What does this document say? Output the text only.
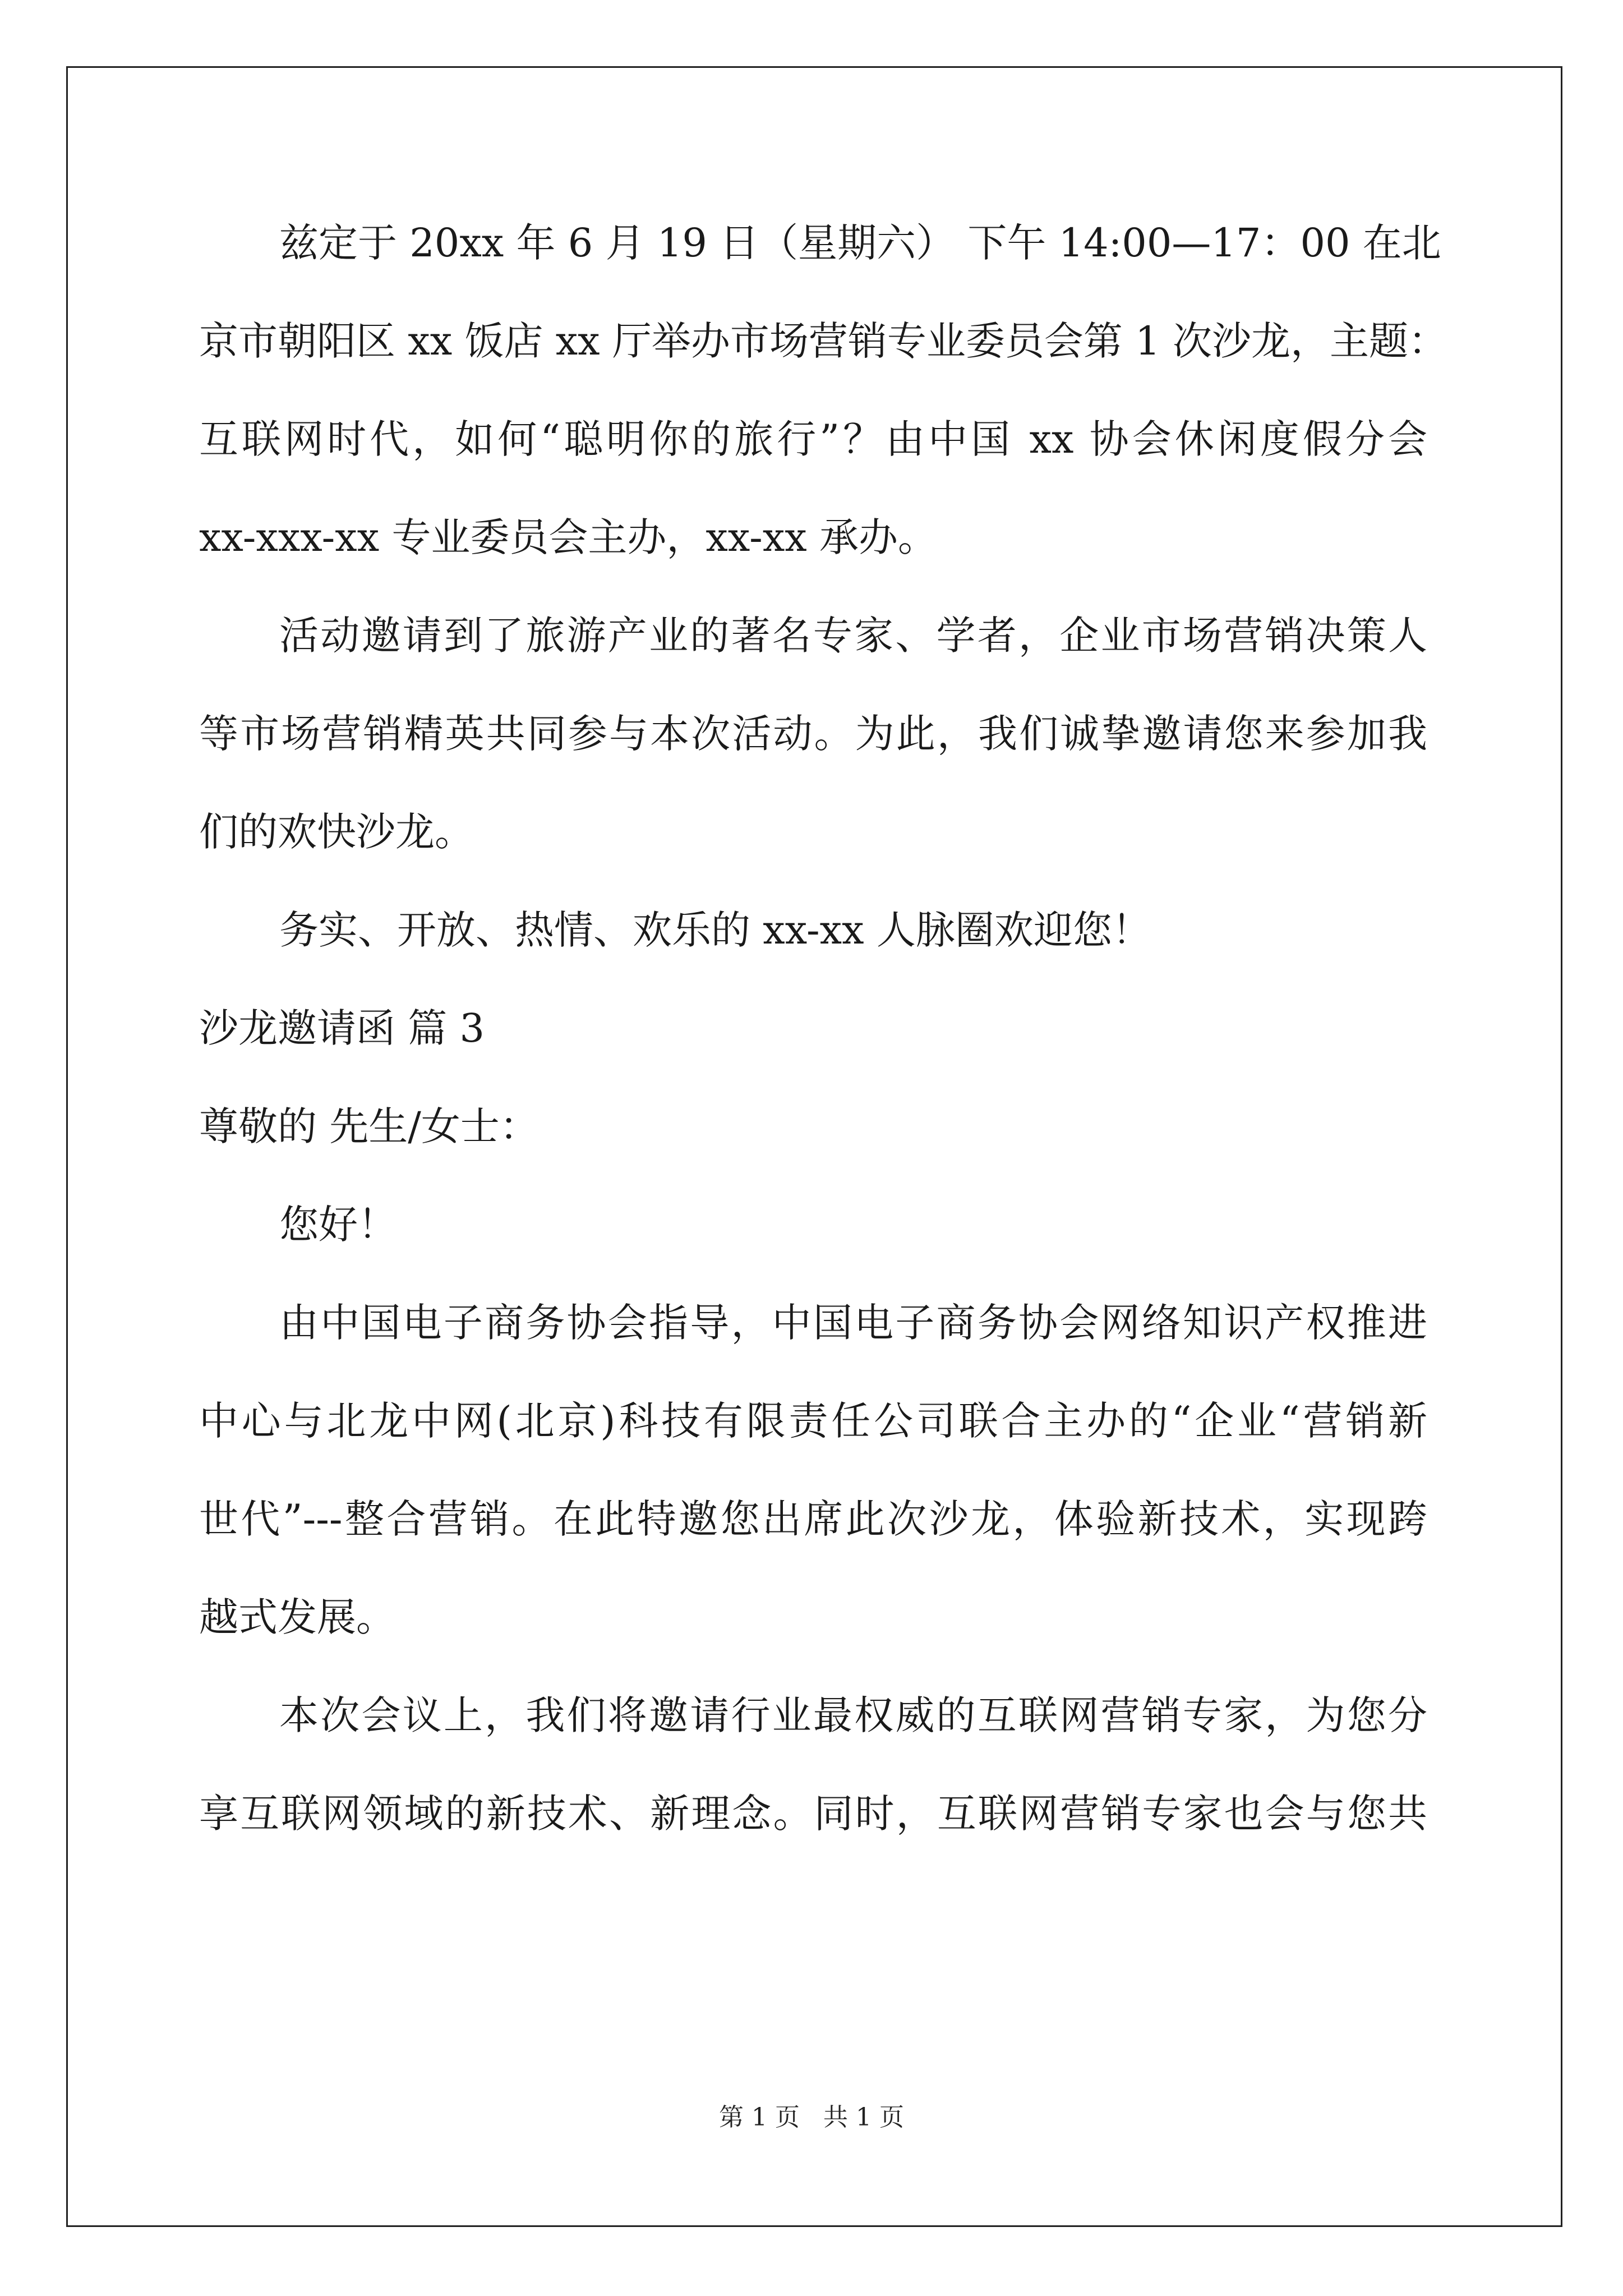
兹定于 20xx 年 6 月 19 日（星期六） 下午 14:00—17：00 在北
京市朝阳区 xx 饭店 xx 厅举办市场营销专业委员会第 1 次沙龙，主题：
互联网时代，如何“聪明你的旅行”？由中国 xx 协会休闲度假分会
xx-xxx-xx 专业委员会主办，xx-xx 承办。
活动邀请到了旅游产业的著名专家、学者，企业市场营销决策人
等市场营销精英共同参与本次活动。为此，我们诚挚邀请您来参加我
们的欢快沙龙。
务实、开放、热情、欢乐的 xx-xx 人脉圈欢迎您！
沙龙邀请函 篇 3
尊敬的 先生/女士：
您好！
由中国电子商务协会指导，中国电子商务协会网络知识产权推进
中心与北龙中网(北京)科技有限责任公司联合主办的“企业“营销新
世代”---整合营销。在此特邀您出席此次沙龙，体验新技术，实现跨
越式发展。
本次会议上，我们将邀请行业最权威的互联网营销专家，为您分
享互联网领域的新技术、新理念。同时，互联网营销专家也会与您共
第 1 页   共 1 页
